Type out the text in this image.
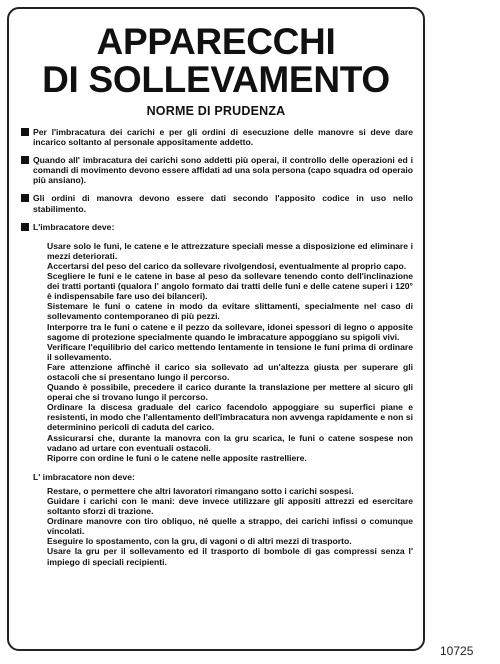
APPARECCHI
DI SOLLEVAMENTO
NORME DI PRUDENZA
Per l'imbracatura dei carichi e per gli ordini di esecuzione delle manovre si deve dare incarico soltanto al personale appositamente addetto.
Quando all' imbracatura dei carichi sono addetti più operai, il controllo delle operazioni ed i comandi di movimento devono essere affidati ad una sola persona (capo squadra od operaio più ansiano).
Gli ordini di manovra devono essere dati secondo l'apposito codice in uso nello stabilimento.
L'imbracatore deve:

Usare solo le funi, le catene e le attrezzature speciali messe a disposizione ed eliminare i mezzi deteriorati.

Accertarsi del peso del carico da sollevare rivolgendosi, eventualmente al proprio capo.

Scegliere le funi e le catene in base al peso da sollevare tenendo conto dell'inclinazione dei tratti portanti (qualora l' angolo formato dai tratti delle funi e delle catene superi i 120° è indispensabile fare uso dei bilanceri).

Sistemare le funi o catene in modo da evitare slittamenti, specialmente nel caso di sollevamento contemporaneo di più pezzi.

Interporre tra le funi o catene e il pezzo da sollevare, idonei spessori di legno o apposite sagome di protezione specialmente quando le imbracature appoggiano su spigoli vivi.

Verificare l'equilibrio del carico mettendo lentamente in tensione le funi prima di ordinare il sollevamento.

Fare attenzione affinchè il carico sia sollevato ad un'altezza giusta per superare gli ostacoli che si presentano lungo il percorso.

Quando è possibile, precedere il carico durante la translazione per mettere al sicuro gli operai che si trovano lungo il percorso.

Ordinare la discesa graduale del carico facendolo appoggiare su superfici piane e resistenti, in modo che l'allentamento dell'imbracatura non avvenga rapidamente e non si determinino pericoli di caduta del carico.

Assicurarsi che, durante la manovra con la gru scarica, le funi o catene sospese non vadano ad urtare con eventuali ostacoli.

Riporre con ordine le funi o le catene nelle apposite rastrelliere.

L' imbracatore non deve:

Restare, o permettere che altri lavoratori rimangano sotto i carichi sospesi.

Guidare i carichi con le mani: deve invece utilizzare gli appositi attrezzi ed esercitare soltanto sforzi di trazione.

Ordinare manovre con tiro obliquo, né quelle a strappo, dei carichi infissi o comunque vincolati.

Eseguire lo spostamento, con la gru, di vagoni o di altri mezzi di trasporto.

Usare la gru per il sollevamento ed il trasporto di bombole di gas compressi senza l' impiego di speciali recipienti.

10725
